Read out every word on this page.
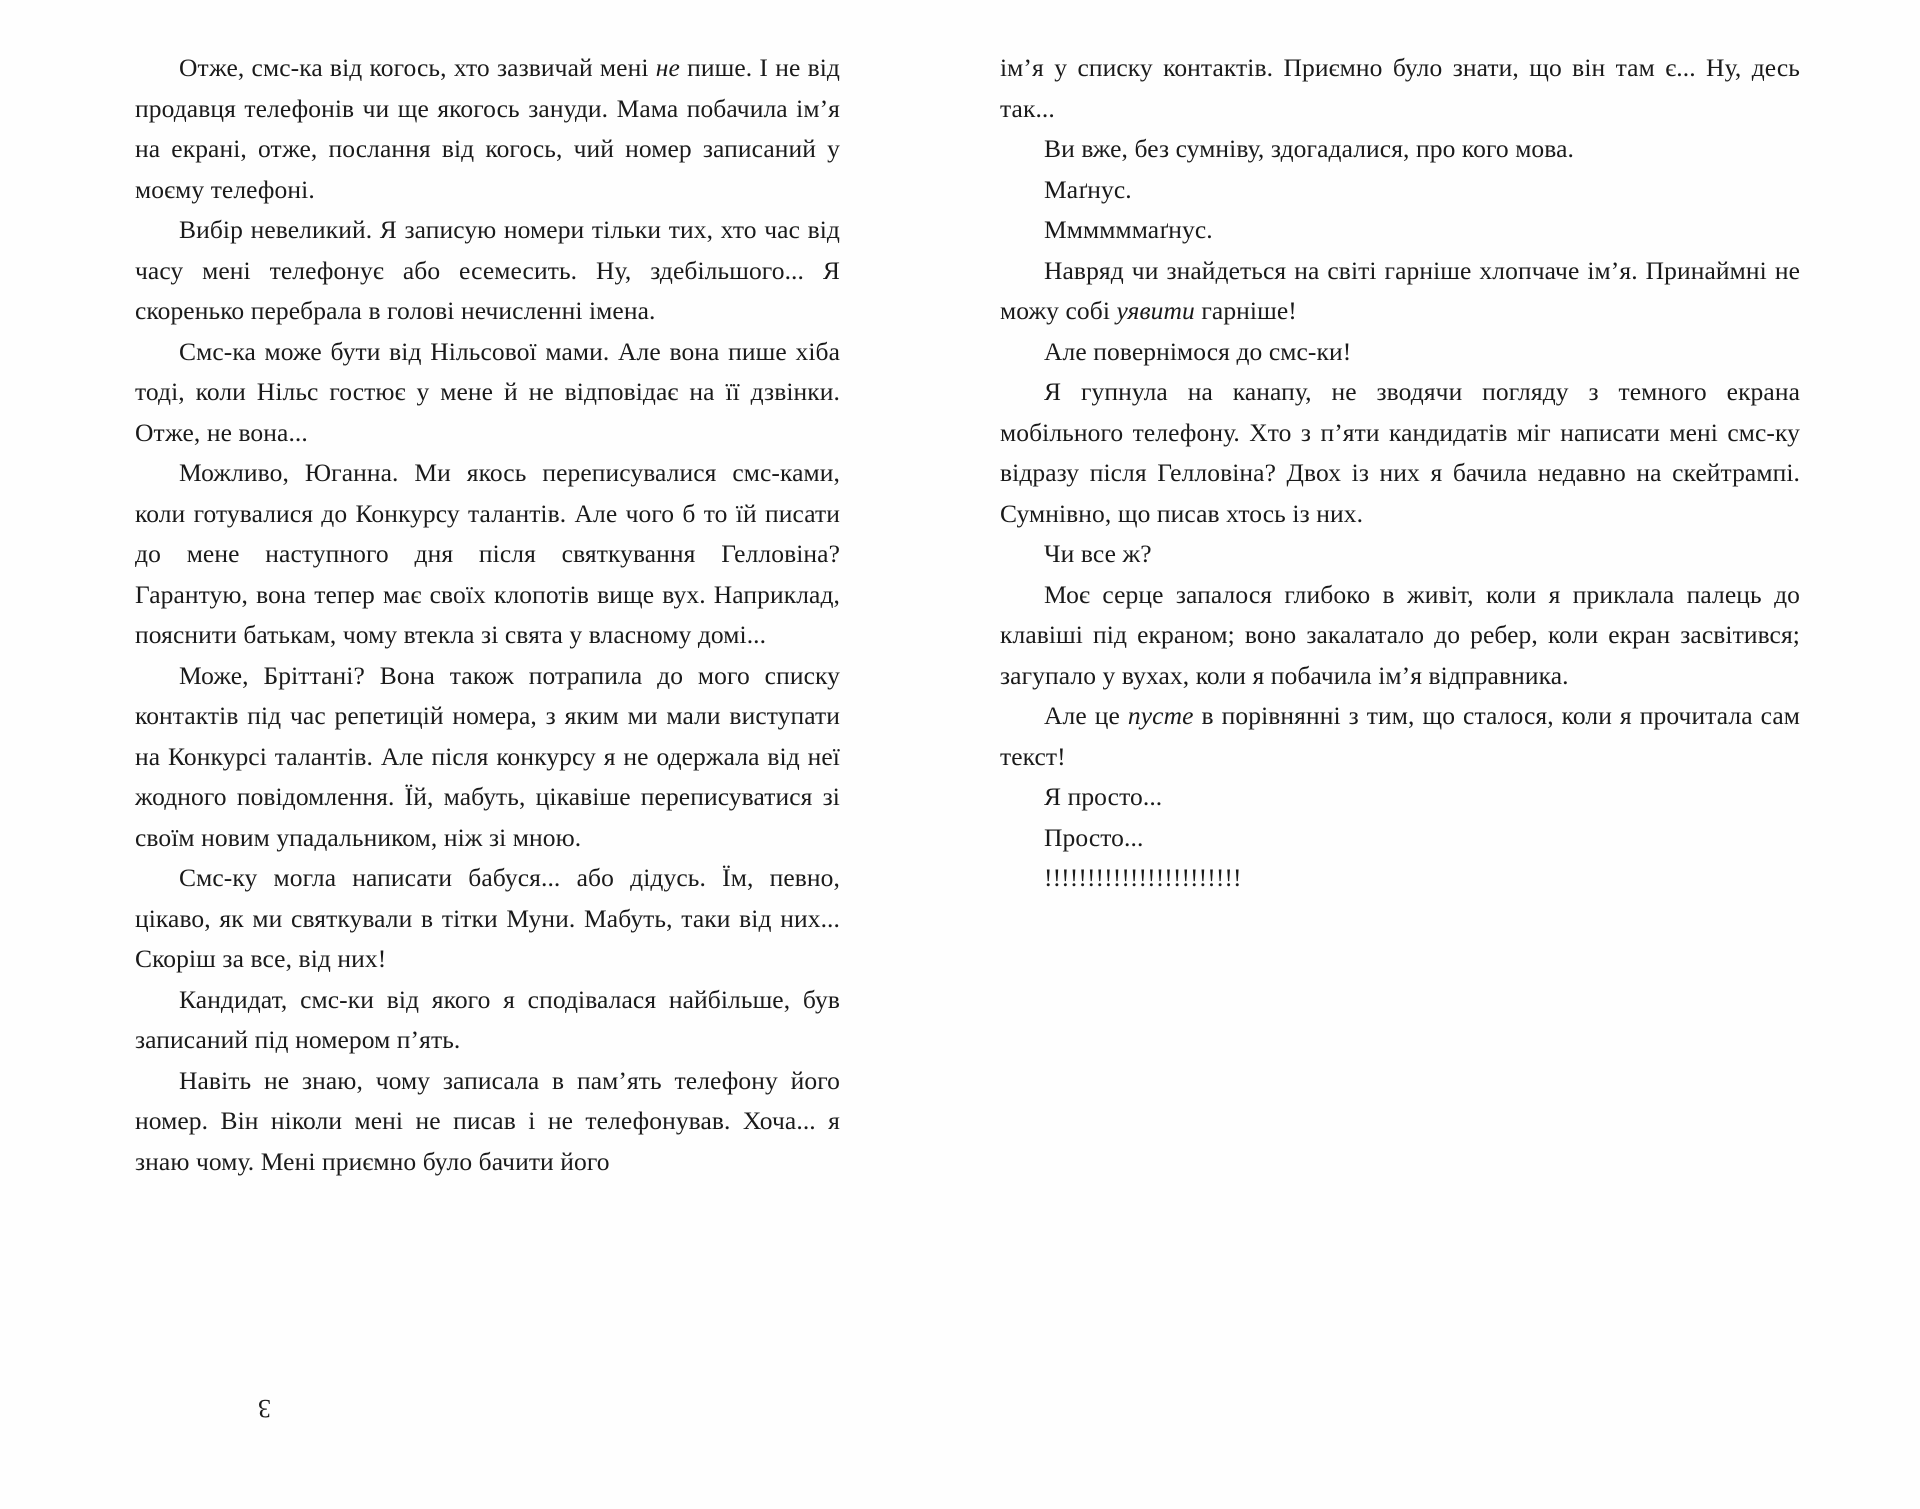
Отже, смс-ка від когось, хто зазвичай мені не пише. І не від продавця телефонів чи ще якогось зануди. Мама побачила ім’я на екрані, отже, послання від когось, чий номер записаний у моєму телефоні.

Вибір невеликий. Я записую номери тільки тих, хто час від часу мені телефонує або есемесить. Ну, здебільшого... Я скоренько перебрала в голові нечисленні імена.

Смс-ка може бути від Нільсової мами. Але вона пише хіба тоді, коли Нільс гостює у мене й не відповідає на її дзвінки. Отже, не вона...

Можливо, Юганна. Ми якось переписувалися смс-ками, коли готувалися до Конкурсу талантів. Але чого б то їй писати до мене наступного дня після святкування Гелловіна? Гарантую, вона тепер має своїх клопотів вище вух. Наприклад, пояснити батькам, чому втекла зі свята у власному домі...

Може, Бріттані? Вона також потрапила до мого списку контактів під час репетицій номера, з яким ми мали виступати на Конкурсі талантів. Але після конкурсу я не одержала від неї жодного повідомлення. Їй, мабуть, цікавіше переписуватися зі своїм новим упадальником, ніж зі мною.

Смс-ку могла написати бабуся... або дідусь. Їм, певно, цікаво, як ми святкували в тітки Муни. Мабуть, таки від них... Скоріш за все, від них!

Кандидат, смс-ки від якого я сподівалася найбільше, був записаний під номером п’ять.

Навіть не знаю, чому записала в пам’ять телефону його номер. Він ніколи мені не писав і не телефонував. Хоча... я знаю чому. Мені приємно було бачити його

3

ім’я у списку контактів. Приємно було знати, що він там є... Ну, десь так...

Ви вже, без сумніву, здогадалися, про кого мова.

Маґнус.

Ммммммаґнус.

Навряд чи знайдеться на світі гарніше хлопчаче ім’я. Принаймні не можу собі уявити гарніше!

Але повернімося до смс-ки!

Я гупнула на канапу, не зводячи погляду з темного екрана мобільного телефону. Хто з п’яти кандидатів міг написати мені смс-ку відразу після Гелловіна? Двох із них я бачила недавно на скейтрампі. Сумнівно, що писав хтось із них.

Чи все ж?

Моє серце запалося глибоко в живіт, коли я приклала палець до клавіші під екраном; воно закалатало до ребер, коли екран засвітився; загупало у вухах, коли я побачила ім’я відправника.

Але це пусте в порівнянні з тим, що сталося, коли я прочитала сам текст!

Я просто...

Просто...

!!!!!!!!!!!!!!!!!!!!!!!
